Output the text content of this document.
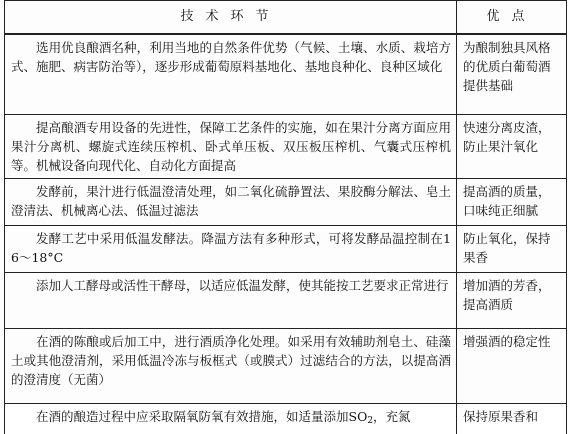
技术环节	优点
选用优良酿酒名种，利用当地的自然条件优势（气候、土壤、水质、栽培方式、施肥、病害防治等），逐步形成葡萄原料基地化、基地良种化、良种区域化	为酿制独具风格的优质白葡萄酒提供基础
提高酿酒专用设备的先进性，保障工艺条件的实施，如在果汁分离方面应用果汁分离机、螺旋式连续压榨机、卧式单压板、双压板压榨机、气囊式压榨机等。机械设备向现代化、自动化方面提高	快速分离皮渣，防止果汁氧化
发酵前，果汁进行低温澄清处理，如二氧化硫静置法、果胶酶分解法、皂土澄清法、机械离心法、低温过滤法	提高酒的质量，口味纯正细腻
发酵工艺中采用低温发酵法。降温方法有多种形式，可将发酵品温控制在16～18°C	防止氧化，保持果香
添加人工酵母或活性干酵母，以适应低温发酵，使其能按工艺要求正常进行	增加酒的芳香，提高酒质
在酒的陈酿或后加工中，进行酒质净化处理。如采用有效辅助剂皂土、硅藻土或其他澄清剂，采用低温冷冻与板框式（或膜式）过滤结合的方法，以提高酒的澄清度（无菌）	增强酒的稳定性
在酒的酿造过程中应采取隔氧防氧有效措施，如适量添加$SO_2$，充氮	保持原果香和
